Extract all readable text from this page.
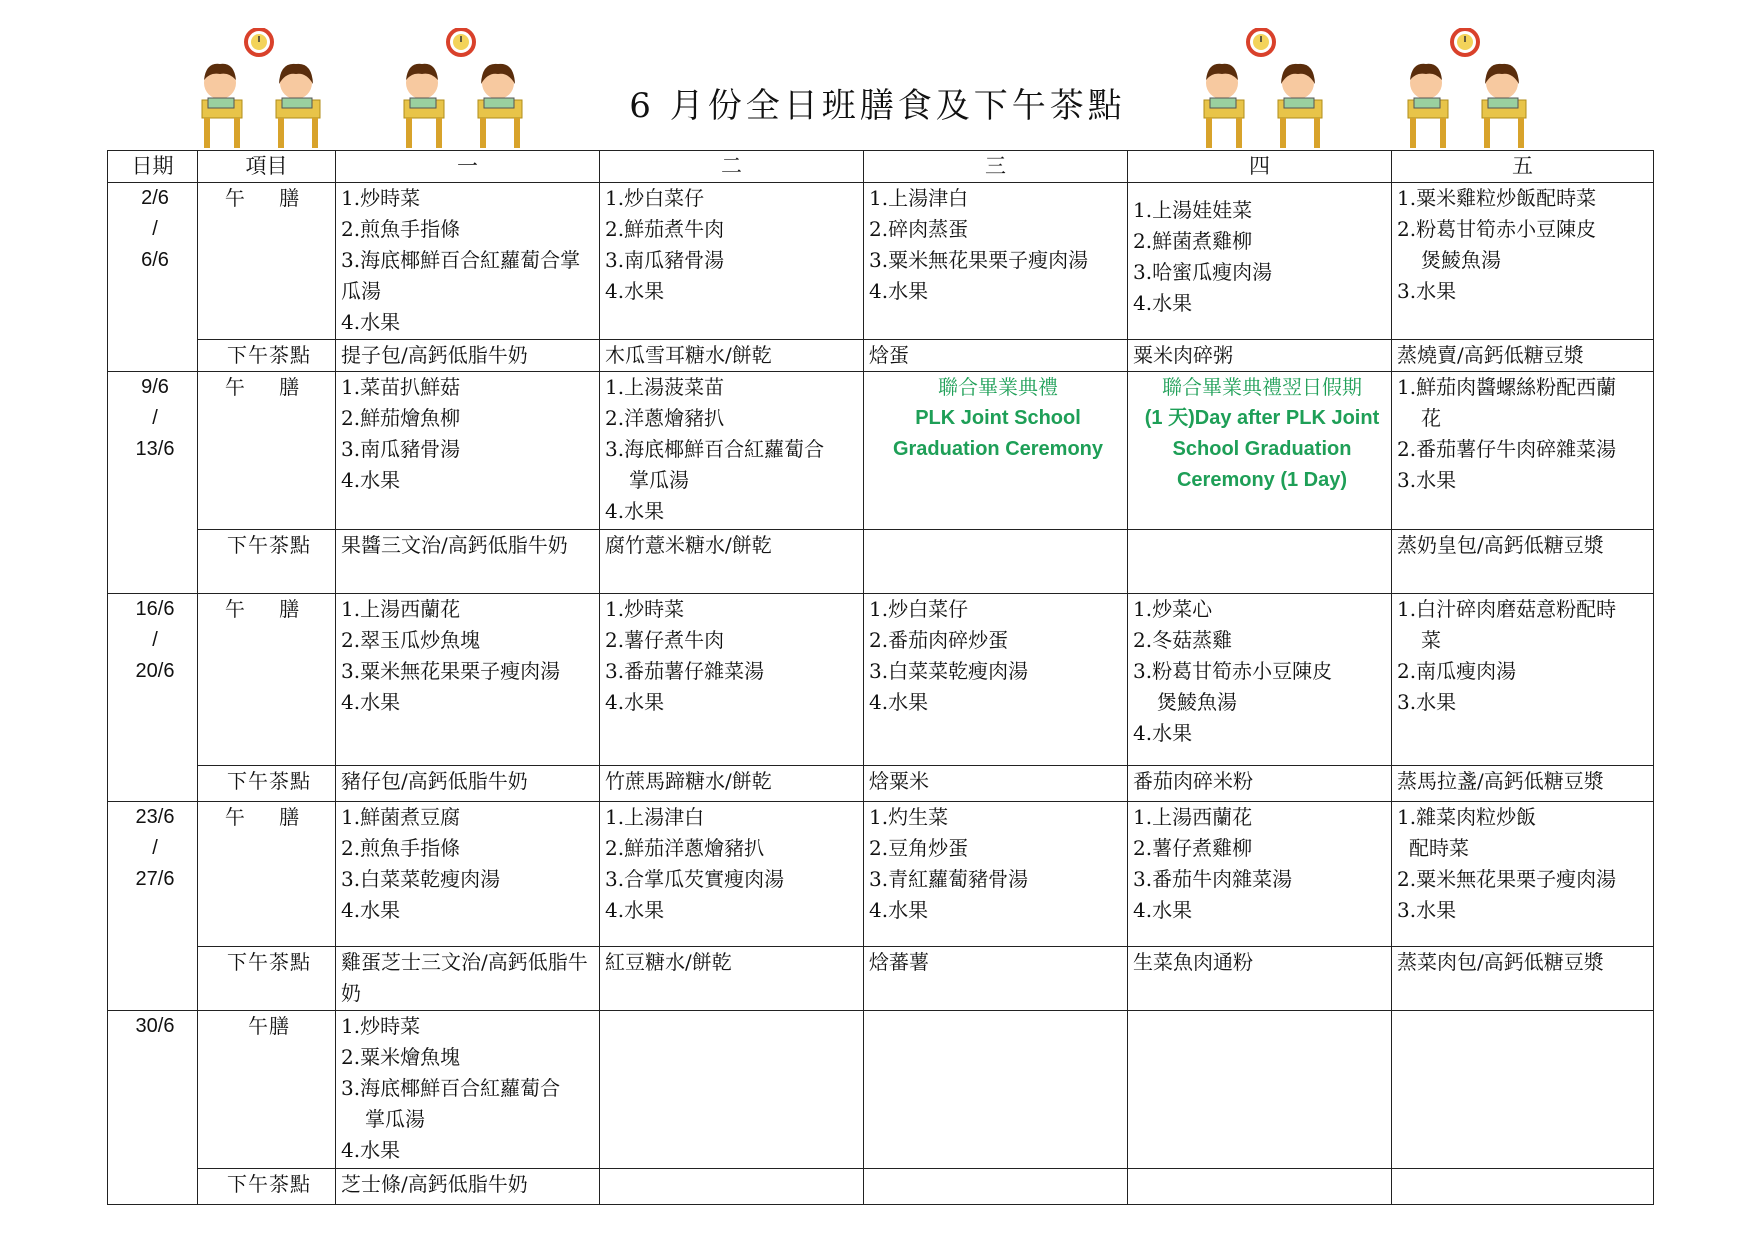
6 月份全日班膳食及下午茶點
日期	項目	一	二	三	四	五

2/6
/
6/6	午 膳	1.炒時菜
2.煎魚手指條
3.海底椰鮮百合紅蘿蔔合掌瓜湯
4.水果	1.炒白菜仔
2.鮮茄煮牛肉
3.南瓜豬骨湯
4.水果	1.上湯津白
2.碎肉蒸蛋
3.粟米無花果栗子瘦肉湯
4.水果	1.上湯娃娃菜
2.鮮菌煮雞柳
3.哈蜜瓜瘦肉湯
4.水果	1.粟米雞粒炒飯配時菜
2.粉葛甘筍赤小豆陳皮
煲鯪魚湯
3.水果

	下午茶點	提子包/高鈣低脂牛奶	木瓜雪耳糖水/餅乾	焓蛋	粟米肉碎粥	蒸燒賣/高鈣低糖豆漿

9/6
/
13/6	午 膳	1.菜苗扒鮮菇
2.鮮茄燴魚柳
3.南瓜豬骨湯
4.水果	1.上湯菠菜苗
2.洋蔥燴豬扒
3.海底椰鮮百合紅蘿蔔合
掌瓜湯
4.水果	聯合畢業典禮
PLK Joint School
Graduation Ceremony	聯合畢業典禮翌日假期
(1 天)Day after PLK Joint
School Graduation
Ceremony (1 Day)	1.鮮茄肉醬螺絲粉配西蘭
花
2.番茄薯仔牛肉碎雜菜湯
3.水果

	下午茶點	果醬三文治/高鈣低脂牛奶	腐竹薏米糖水/餅乾			蒸奶皇包/高鈣低糖豆漿

16/6
/
20/6	午 膳	1.上湯西蘭花
2.翠玉瓜炒魚塊
3.粟米無花果栗子瘦肉湯
4.水果	1.炒時菜
2.薯仔煮牛肉
3.番茄薯仔雜菜湯
4.水果	1.炒白菜仔
2.番茄肉碎炒蛋
3.白菜菜乾瘦肉湯
4.水果	1.炒菜心
2.冬菇蒸雞
3.粉葛甘筍赤小豆陳皮
煲鯪魚湯
4.水果	1.白汁碎肉磨菇意粉配時
菜
2.南瓜瘦肉湯
3.水果

	下午茶點	豬仔包/高鈣低脂牛奶	竹蔗馬蹄糖水/餅乾	焓粟米	番茄肉碎米粉	蒸馬拉盞/高鈣低糖豆漿

23/6
/
27/6	午 膳	1.鮮菌煮豆腐
2.煎魚手指條
3.白菜菜乾瘦肉湯
4.水果	1.上湯津白
2.鮮茄洋蔥燴豬扒
3.合掌瓜芡實瘦肉湯
4.水果	1.灼生菜
2.豆角炒蛋
3.青紅蘿蔔豬骨湯
4.水果	1.上湯西蘭花
2.薯仔煮雞柳
3.番茄牛肉雜菜湯
4.水果	1.雜菜肉粒炒飯
配時菜
2.粟米無花果栗子瘦肉湯
3.水果

	下午茶點	雞蛋芝士三文治/高鈣低脂牛奶	紅豆糖水/餅乾	焓蕃薯	生菜魚肉通粉	蒸菜肉包/高鈣低糖豆漿

30/6	午膳	1.炒時菜
2.粟米燴魚塊
3.海底椰鮮百合紅蘿蔔合
掌瓜湯
4.水果				

	下午茶點	芝士條/高鈣低脂牛奶				
